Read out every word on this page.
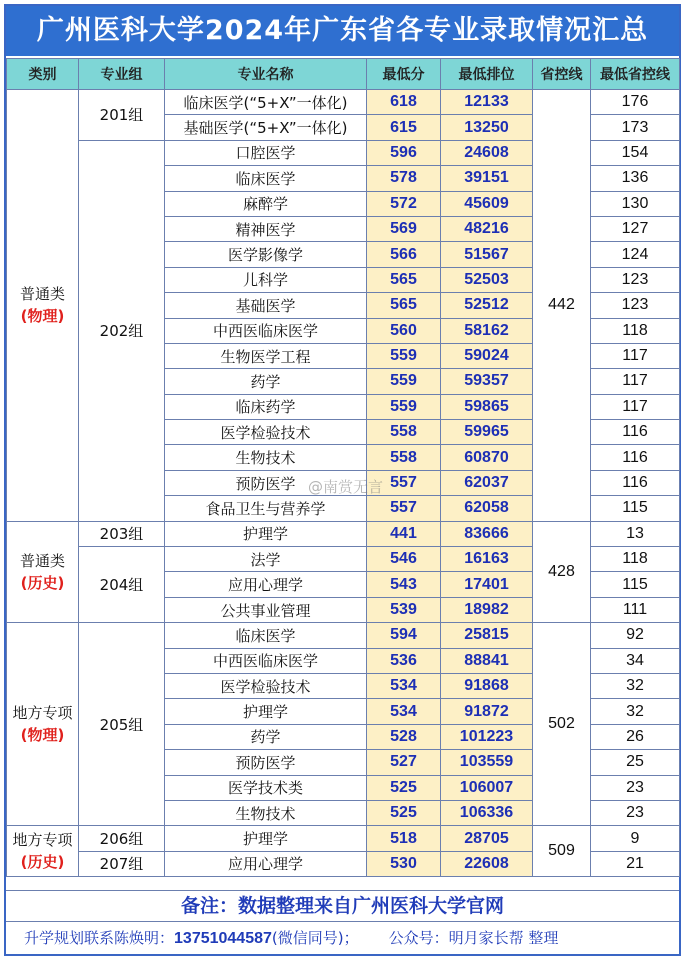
广州医科大学2024年广东省各专业录取情况汇总
类别	专业组	专业名称	最低分	最低排位	省控线	最低省控线
普通类
(物理)	201组	临床医学(“5+X”一体化)	618	12133	442	176
		基础医学(“5+X”一体化)	615	13250		173
	202组	口腔医学	596	24608		154
		临床医学	578	39151		136
		麻醉学	572	45609		130
		精神医学	569	48216		127
		医学影像学	566	51567		124
		儿科学	565	52503		123
		基础医学	565	52512		123
		中西医临床医学	560	58162		118
		生物医学工程	559	59024		117
		药学	559	59357		117
		临床药学	559	59865		117
		医学检验技术	558	59965		116
		生物技术	558	60870		116
		预防医学	557	62037		116
		食品卫生与营养学	557	62058		115
普通类
(历史)	203组	护理学	441	83666	428	13
	204组	法学	546	16163		118
		应用心理学	543	17401		115
		公共事业管理	539	18982		111
地方专项
(物理)	205组	临床医学	594	25815	502	92
		中西医临床医学	536	88841		34
		医学检验技术	534	91868		32
		护理学	534	91872		32
		药学	528	101223		26
		预防医学	527	103559		25
		医学技术类	525	106007		23
		生物技术	525	106336		23
地方专项
(历史)	206组	护理学	518	28705	509	9
	207组	应用心理学	530	22608		21
@南赏无言
备注：数据整理来自广州医科大学官网
升学规划联系陈焕明：13751044587(微信同号)； 公众号：明月家长帮 整理
